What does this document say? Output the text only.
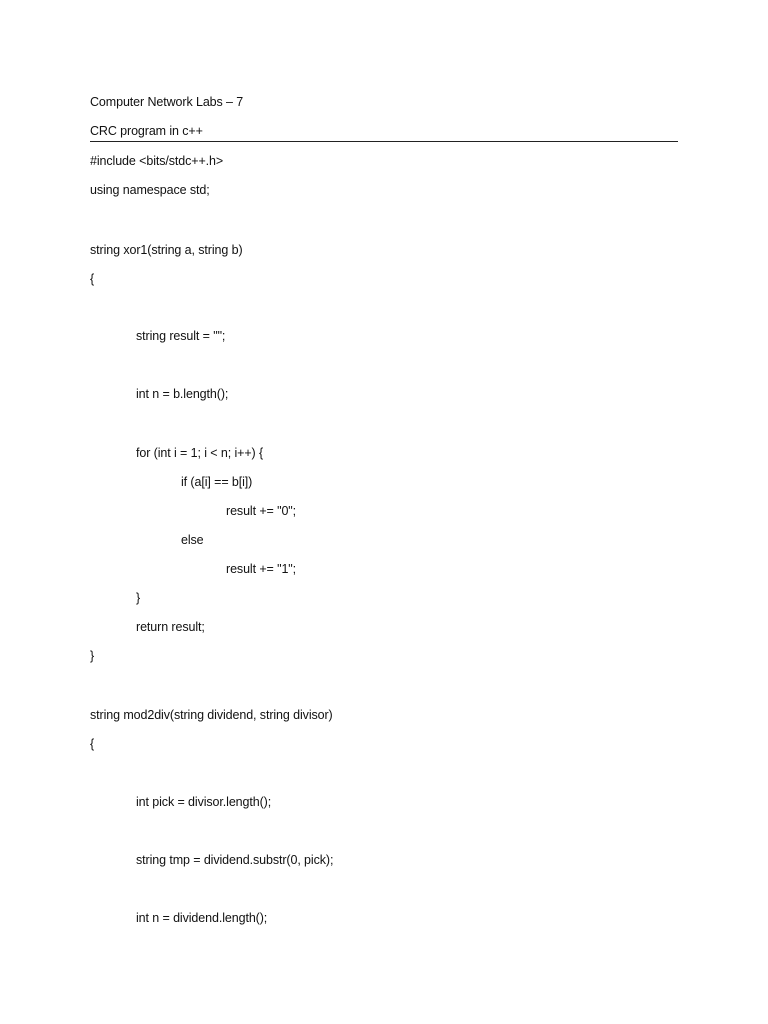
Computer Network Labs – 7
CRC program in c++
#include <bits/stdc++.h>
using namespace std;
string xor1(string a, string b)
{
string result = "";
int n = b.length();
for (int i = 1; i < n; i++) {
if (a[i] == b[i])
result += "0";
else
result += "1";
}
return result;
}
string mod2div(string dividend, string divisor)
{
int pick = divisor.length();
string tmp = dividend.substr(0, pick);
int n = dividend.length();
